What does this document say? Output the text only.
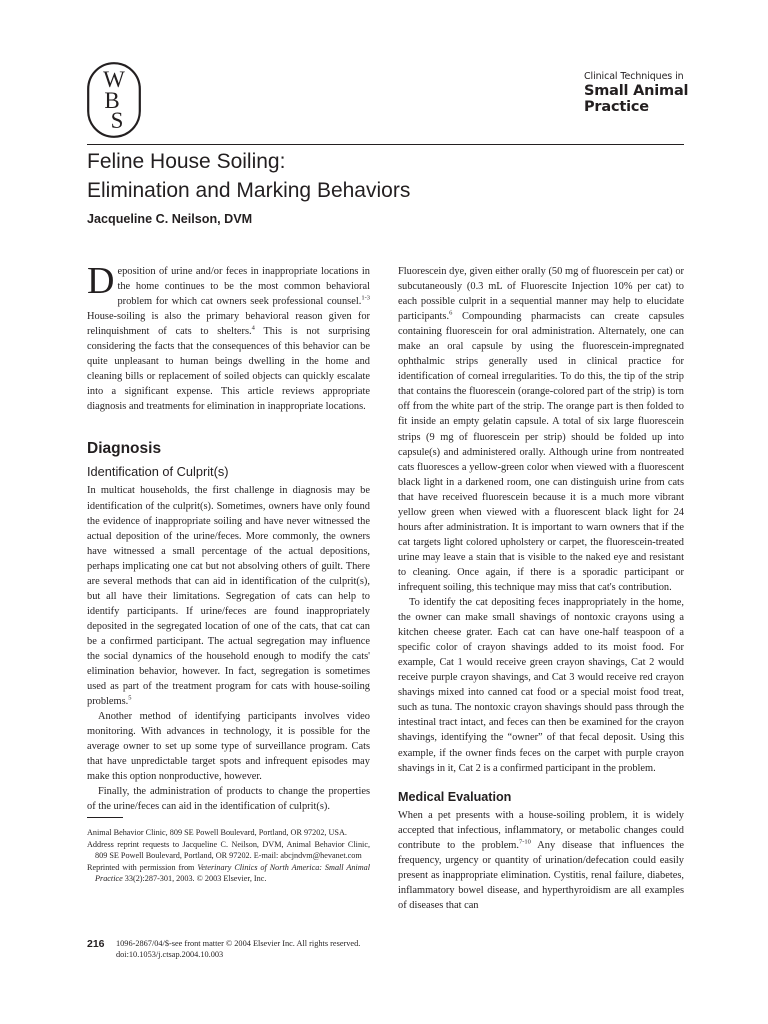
W
B
S
Clinical Techniques in
Small Animal
Practice
Feline House Soiling:
Elimination and Marking Behaviors
Jacqueline C. Neilson, DVM

Deposition of urine and/or feces in inappropriate locations in the home continues to be the most common behavioral problem for which cat owners seek professional counsel.$^{1-3}$ House-soiling is also the primary behavioral reason given for relinquishment of cats to shelters.$^4$ This is not surprising considering the facts that the consequences of this behavior can be quite unpleasant to human beings dwelling in the home and cleaning bills or replacement of soiled objects can quickly escalate into a significant expense. This article reviews appropriate diagnosis and treatments for elimination in inappropriate locations.

Diagnosis
Identification of Culprit(s)

In multicat households, the first challenge in diagnosis may be identification of the culprit(s). Sometimes, owners have only found the evidence of inappropriate soiling and have never witnessed the actual deposition of the urine/feces. More commonly, the owners have witnessed a small percentage of the actual depositions, perhaps implicating one cat but not absolving others of guilt. There are several methods that can aid in identification of the culprit(s), but all have their limitations. Segregation of cats can help to identify participants. If urine/feces are found inappropriately deposited in the segregated location of one of the cats, that cat can be a confirmed participant. The actual segregation may influence the social dynamics of the household enough to modify the cats' elimination behavior, however. In fact, segregation is sometimes used as part of the treatment program for cats with house-soiling problems.$^5$

Another method of identifying participants involves video monitoring. With advances in technology, it is possible for the average owner to set up some type of surveillance program. Cats that have unpredictable target spots and infrequent episodes may make this option nonproductive, however.

Finally, the administration of products to change the properties of the urine/feces can aid in the identification of culprit(s).

Animal Behavior Clinic, 809 SE Powell Boulevard, Portland, OR 97202, USA.

Address reprint requests to Jacqueline C. Neilson, DVM, Animal Behavior Clinic, 809 SE Powell Boulevard, Portland, OR 97202. E-mail: abcjndvm@hevanet.com

Reprinted with permission from Veterinary Clinics of North America: Small Animal Practice 33(2):287-301, 2003. © 2003 Elsevier, Inc.

Fluorescein dye, given either orally (50 mg of fluorescein per cat) or subcutaneously (0.3 mL of Fluorescite Injection 10% per cat) to each possible culprit in a sequential manner may help to elucidate participants.$^6$ Compounding pharmacists can create capsules containing fluorescein for oral administration. Alternately, one can make an oral capsule by using the fluorescein-impregnated ophthalmic strips generally used in clinical practice for identification of corneal irregularities. To do this, the tip of the strip that contains the fluorescein (orange-colored part of the strip) is torn off from the white part of the strip. The orange part is then folded to fit inside an empty gelatin capsule. A total of six large fluorescein strips (9 mg of fluorescein per strip) should be folded up into capsule(s) and administered orally. Although urine from nontreated cats fluoresces a yellow-green color when viewed with a fluorescent black light in a darkened room, one can distinguish urine from cats that have received fluorescein because it is a much more vibrant yellow green when viewed with a fluorescent black light for 24 hours after administration. It is important to warn owners that if the cat targets light colored upholstery or carpet, the fluorescein-treated urine may leave a stain that is visible to the naked eye and resistant to cleaning. Once again, if there is a sporadic participant or infrequent soiling, this technique may miss that cat's contribution.

To identify the cat depositing feces inappropriately in the home, the owner can make small shavings of nontoxic crayons using a kitchen cheese grater. Each cat can have one-half teaspoon of a specific color of crayon shavings added to its moist food. For example, Cat 1 would receive green crayon shavings, Cat 2 would receive purple crayon shavings, and Cat 3 would receive red crayon shavings mixed into canned cat food or a special moist food treat, such as tuna. The nontoxic crayon shavings should pass through the intestinal tract intact, and feces can then be examined for the crayon shavings, identifying the “owner” of that fecal deposit. Using this example, if the owner finds feces on the carpet with purple crayon shavings in it, Cat 2 is a confirmed participant in the problem.

Medical Evaluation

When a pet presents with a house-soiling problem, it is widely accepted that infectious, inflammatory, or metabolic changes could contribute to the problem.$^{7-10}$ Any disease that influences the frequency, urgency or quantity of urination/defecation could easily present as inappropriate elimination. Cystitis, renal failure, diabetes, inflammatory bowel disease, and hyperthyroidism are all examples of diseases that can

216 1096-2867/04/$-see front matter © 2004 Elsevier Inc. All rights reserved.
doi:10.1053/j.ctsap.2004.10.003
